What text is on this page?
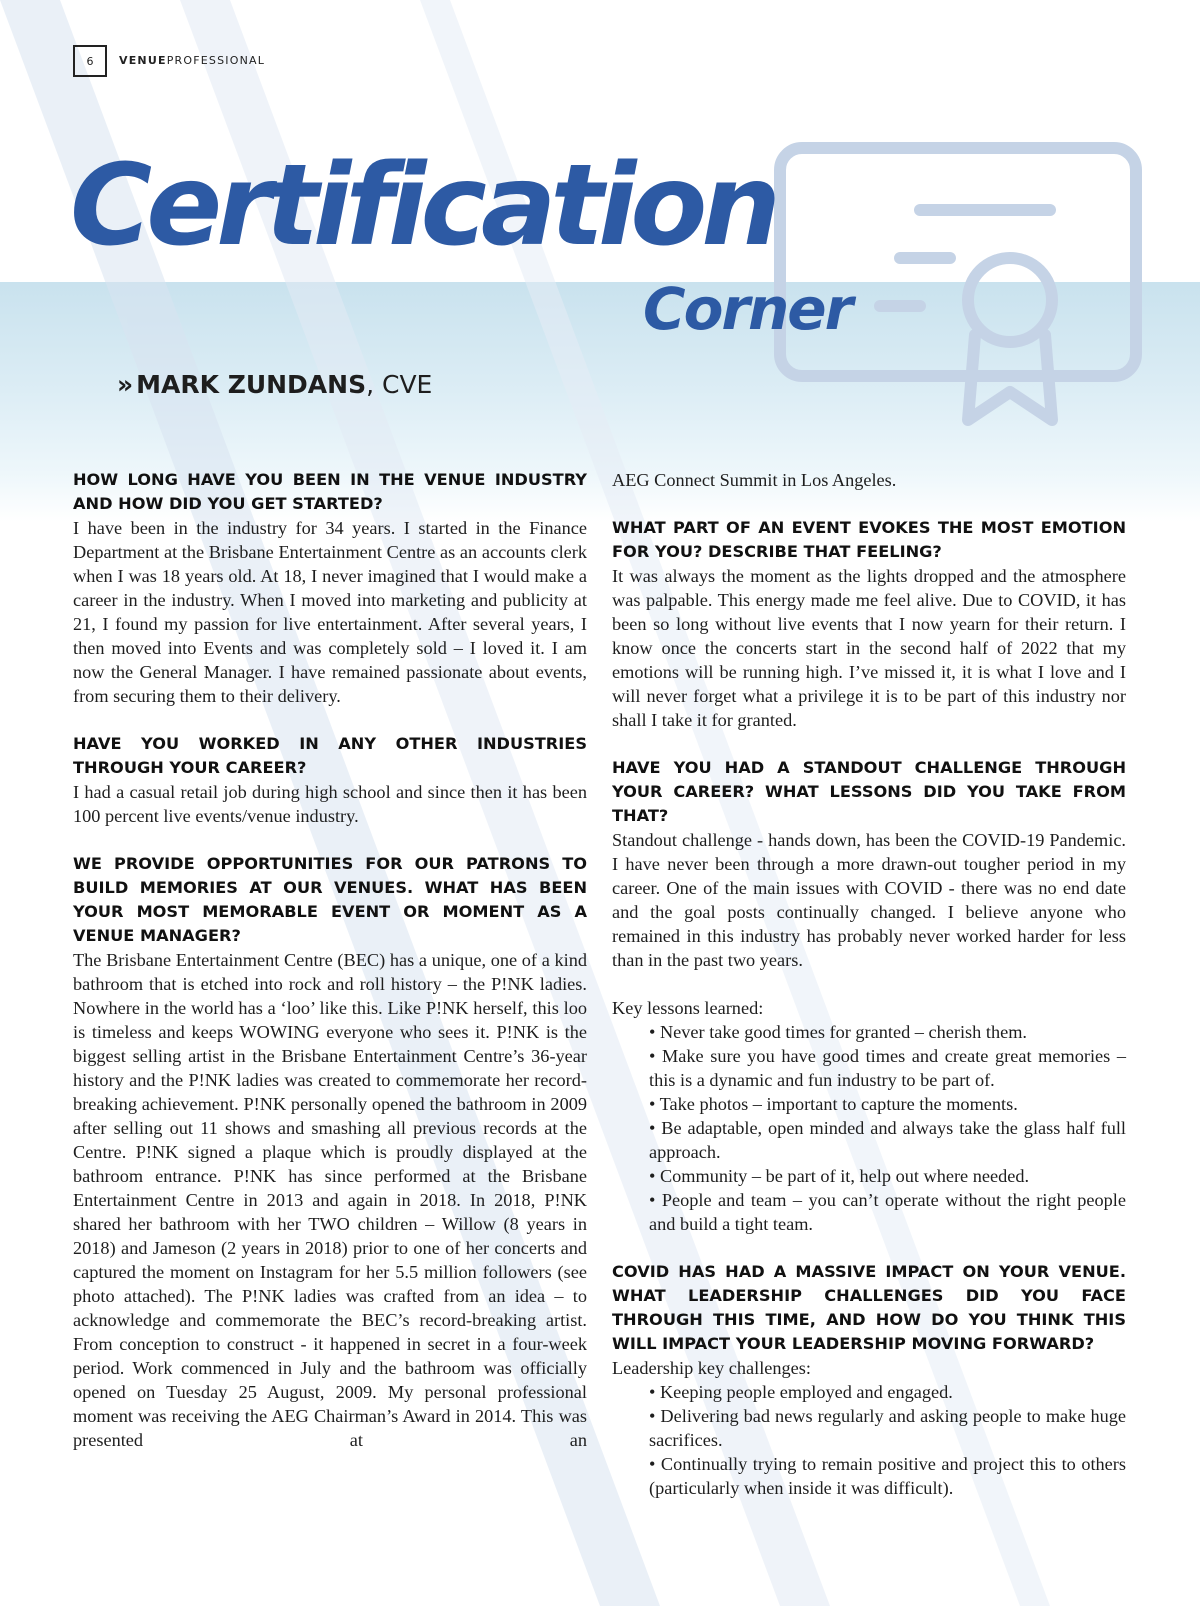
6	VENUEPROFESSIONAL
Certification
Corner
» MARK ZUNDANS, CVE
HOW LONG HAVE YOU BEEN IN THE VENUE INDUSTRY AND HOW DID YOU GET STARTED?

I have been in the industry for 34 years. I started in the Finance Department at the Brisbane Entertainment Centre as an accounts clerk when I was 18 years old. At 18, I never imagined that I would make a career in the industry. When I moved into marketing and publicity at 21, I found my passion for live entertainment. After several years, I then moved into Events and was completely sold – I loved it. I am now the General Manager. I have remained passionate about events, from securing them to their delivery.

HAVE YOU WORKED IN ANY OTHER INDUSTRIES THROUGH YOUR CAREER?

I had a casual retail job during high school and since then it has been 100 percent live events/venue industry.

WE PROVIDE OPPORTUNITIES FOR OUR PATRONS TO BUILD MEMORIES AT OUR VENUES. WHAT HAS BEEN YOUR MOST MEMORABLE EVENT OR MOMENT AS A VENUE MANAGER?

The Brisbane Entertainment Centre (BEC) has a unique, one of a kind bathroom that is etched into rock and roll history – the P!NK ladies. Nowhere in the world has a ‘loo’ like this. Like P!NK herself, this loo is timeless and keeps WOWING everyone who sees it. P!NK is the biggest selling artist in the Brisbane Entertainment Centre’s 36-year history and the P!NK ladies was created to commemorate her record-breaking achievement. P!NK personally opened the bathroom in 2009 after selling out 11 shows and smashing all previous records at the Centre. P!NK signed a plaque which is proudly displayed at the bathroom entrance. P!NK has since performed at the Brisbane Entertainment Centre in 2013 and again in 2018. In 2018, P!NK shared her bathroom with her TWO children – Willow (8 years in 2018) and Jameson (2 years in 2018) prior to one of her concerts and captured the moment on Instagram for her 5.5 million followers (see photo attached). The P!NK ladies was crafted from an idea – to acknowledge and commemorate the BEC’s record-breaking artist. From conception to construct - it happened in secret in a four-week period. Work commenced in July and the bathroom was officially opened on Tuesday 25 August, 2009. My personal professional moment was receiving the AEG Chairman’s Award in 2014. This was presented at an

AEG Connect Summit in Los Angeles.

WHAT PART OF AN EVENT EVOKES THE MOST EMOTION FOR YOU? DESCRIBE THAT FEELING?

It was always the moment as the lights dropped and the atmosphere was palpable. This energy made me feel alive. Due to COVID, it has been so long without live events that I now yearn for their return. I know once the concerts start in the second half of 2022 that my emotions will be running high. I’ve missed it, it is what I love and I will never forget what a privilege it is to be part of this industry nor shall I take it for granted.

HAVE YOU HAD A STANDOUT CHALLENGE THROUGH YOUR CAREER? WHAT LESSONS DID YOU TAKE FROM THAT?

Standout challenge - hands down, has been the COVID-19 Pandemic. I have never been through a more drawn-out tougher period in my career. One of the main issues with COVID - there was no end date and the goal posts continually changed. I believe anyone who remained in this industry has probably never worked harder for less than in the past two years.

Key lessons learned:

• Never take good times for granted – cherish them.

• Make sure you have good times and create great memories – this is a dynamic and fun industry to be part of.

• Take photos – important to capture the moments.

• Be adaptable, open minded and always take the glass half full approach.

• Community – be part of it, help out where needed.

• People and team – you can’t operate without the right people and build a tight team.

COVID HAS HAD A MASSIVE IMPACT ON YOUR VENUE. WHAT LEADERSHIP CHALLENGES DID YOU FACE THROUGH THIS TIME, AND HOW DO YOU THINK THIS WILL IMPACT YOUR LEADERSHIP MOVING FORWARD?

Leadership key challenges:

• Keeping people employed and engaged.

• Delivering bad news regularly and asking people to make huge sacrifices.

• Continually trying to remain positive and project this to others (particularly when inside it was difficult).
